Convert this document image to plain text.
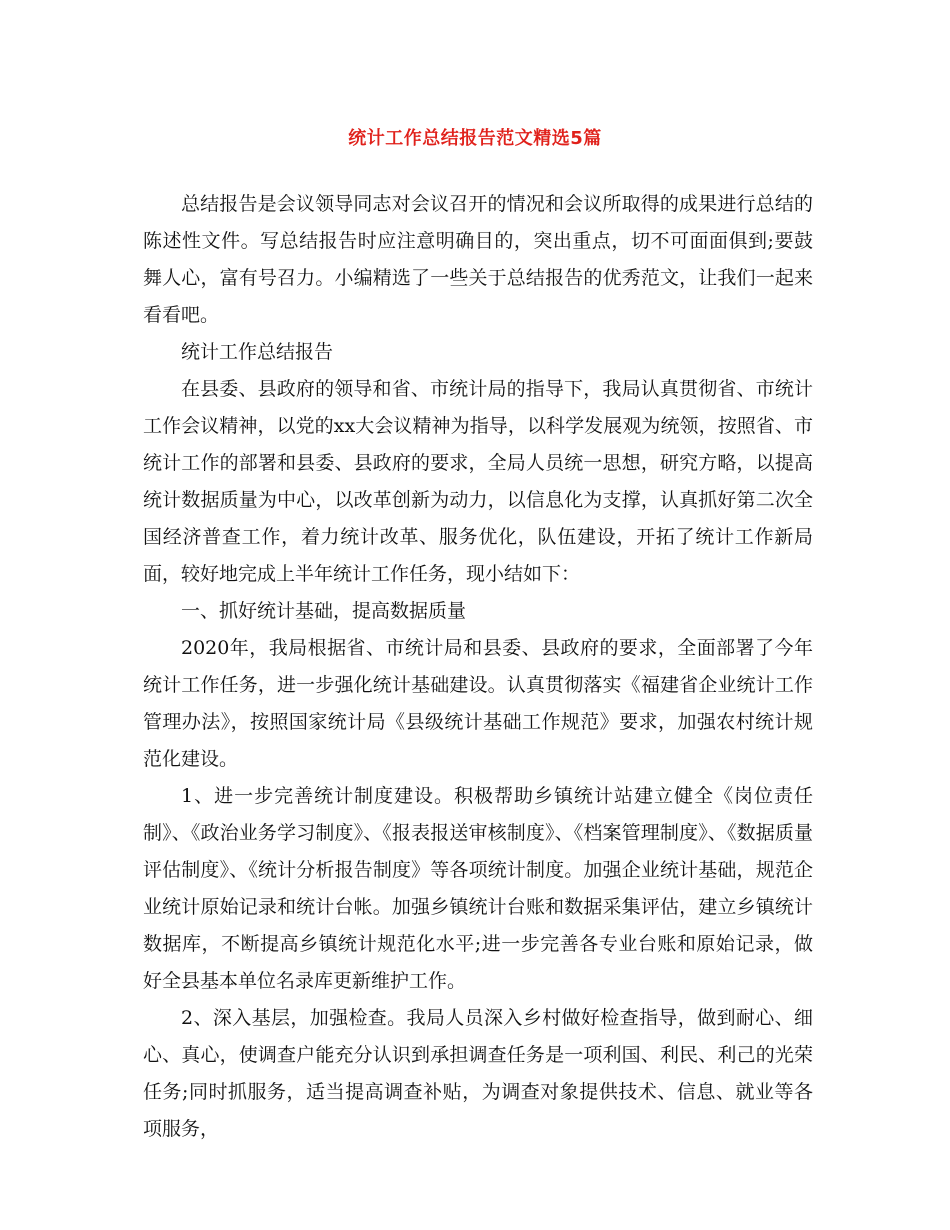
统计工作总结报告范文精选5篇

总结报告是会议领导同志对会议召开的情况和会议所取得的成果进行总结的陈述性文件。写总结报告时应注意明确目的，突出重点，切不可面面俱到;要鼓舞人心，富有号召力。小编精选了一些关于总结报告的优秀范文，让我们一起来看看吧。

统计工作总结报告

在县委、县政府的领导和省、市统计局的指导下，我局认真贯彻省、市统计工作会议精神，以党的xx大会议精神为指导，以科学发展观为统领，按照省、市统计工作的部署和县委、县政府的要求，全局人员统一思想，研究方略，以提高统计数据质量为中心，以改革创新为动力，以信息化为支撑，认真抓好第二次全国经济普查工作，着力统计改革、服务优化，队伍建设，开拓了统计工作新局面，较好地完成上半年统计工作任务，现小结如下：

一、抓好统计基础，提高数据质量

2020年，我局根据省、市统计局和县委、县政府的要求，全面部署了今年统计工作任务，进一步强化统计基础建设。认真贯彻落实《福建省企业统计工作管理办法》，按照国家统计局《县级统计基础工作规范》要求，加强农村统计规范化建设。

1、进一步完善统计制度建设。积极帮助乡镇统计站建立健全《岗位责任制》、《政治业务学习制度》、《报表报送审核制度》、《档案管理制度》、《数据质量评估制度》、《统计分析报告制度》等各项统计制度。加强企业统计基础，规范企业统计原始记录和统计台帐。加强乡镇统计台账和数据采集评估，建立乡镇统计数据库，不断提高乡镇统计规范化水平;进一步完善各专业台账和原始记录，做好全县基本单位名录库更新维护工作。

2、深入基层，加强检查。我局人员深入乡村做好检查指导，做到耐心、细心、真心，使调查户能充分认识到承担调查任务是一项利国、利民、利己的光荣任务;同时抓服务，适当提高调查补贴，为调查对象提供技术、信息、就业等各项服务，
